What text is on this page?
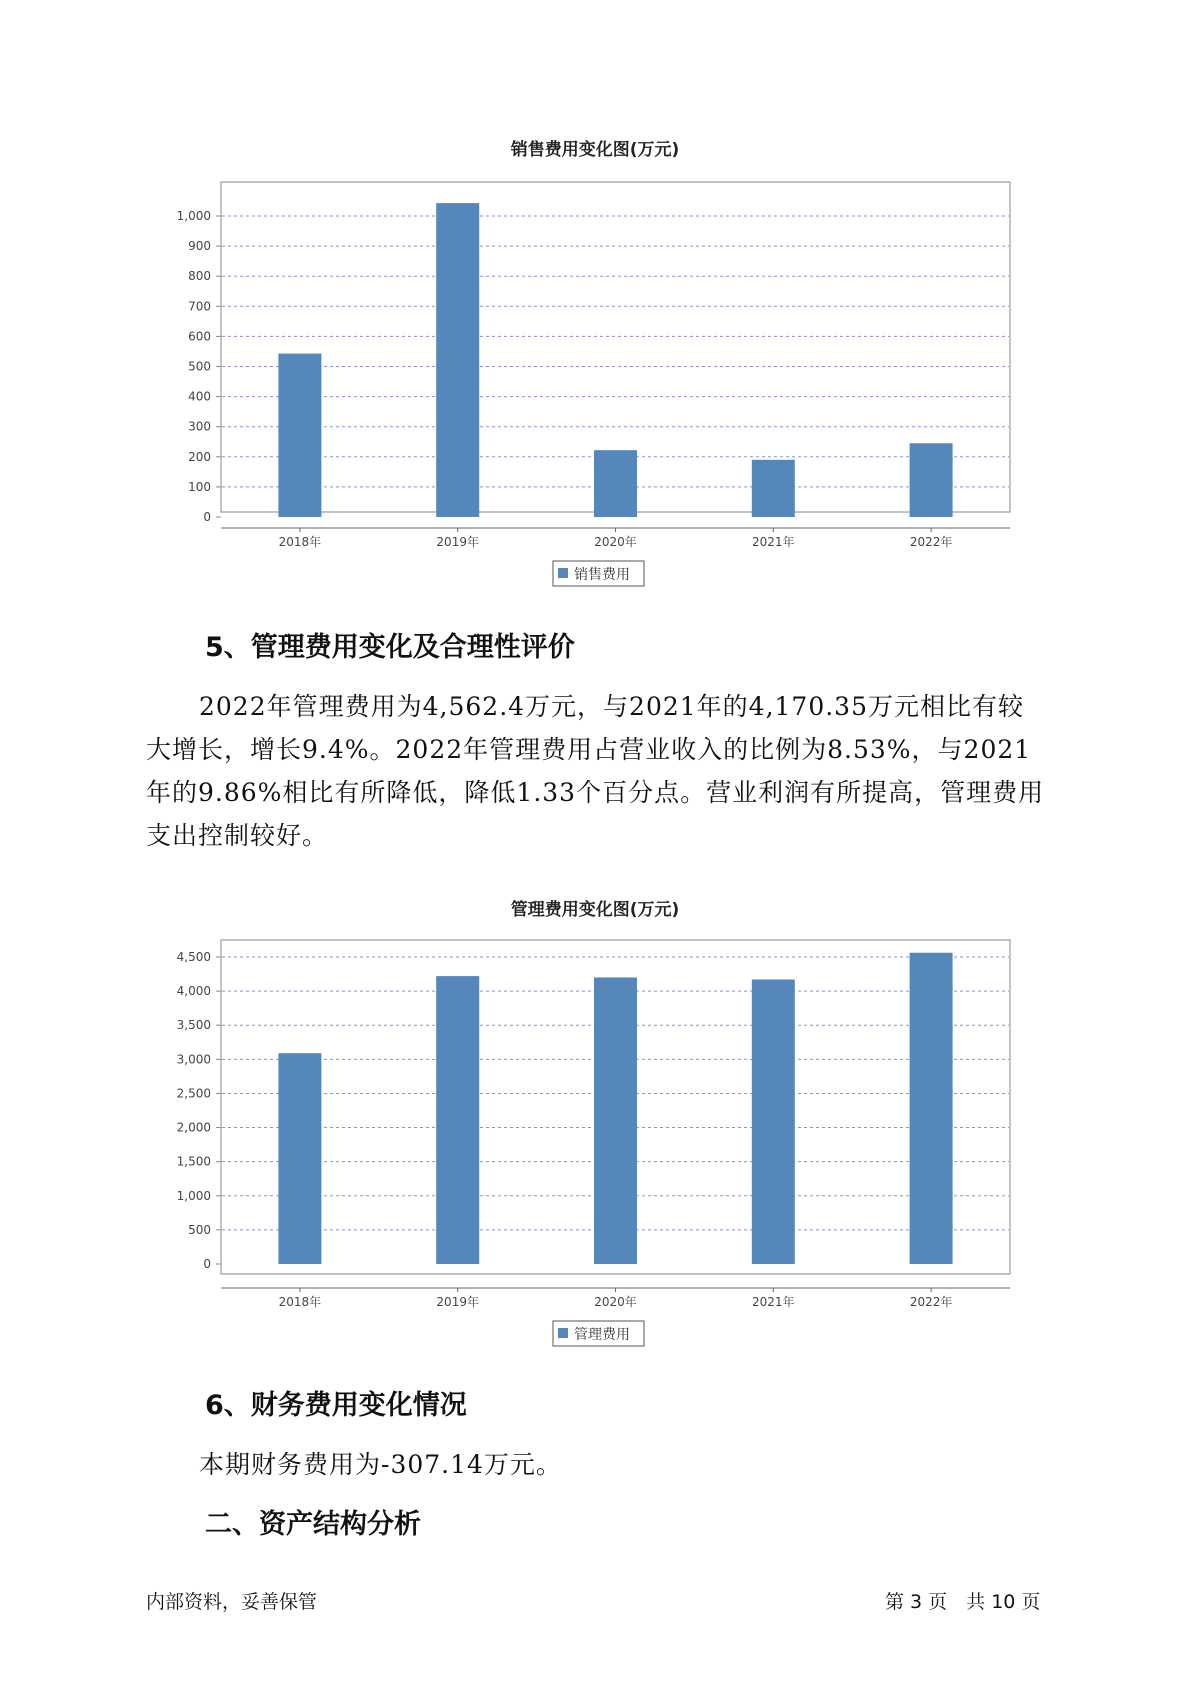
销售费用变化图(万元)
0
100
200
300
400
500
600
700
800
900
1,000
2018年	2019年	2020年	2021年	2022年
销售费用
5、管理费用变化及合理性评价

2022年管理费用为4,562.4万元，与2021年的4,170.35万元相比有较大增长，增长9.4%。2022年管理费用占营业收入的比例为8.53%，与2021年的9.86%相比有所降低，降低1.33个百分点。营业利润有所提高，管理费用支出控制较好。

管理费用变化图(万元)
0
500
1,000
1,500
2,000
2,500
3,000
3,500
4,000
4,500
2018年	2019年	2020年	2021年	2022年
管理费用
6、财务费用变化情况

本期财务费用为-307.14万元。

二、资产结构分析
内部资料，妥善保管	第 3 页　共 10 页
